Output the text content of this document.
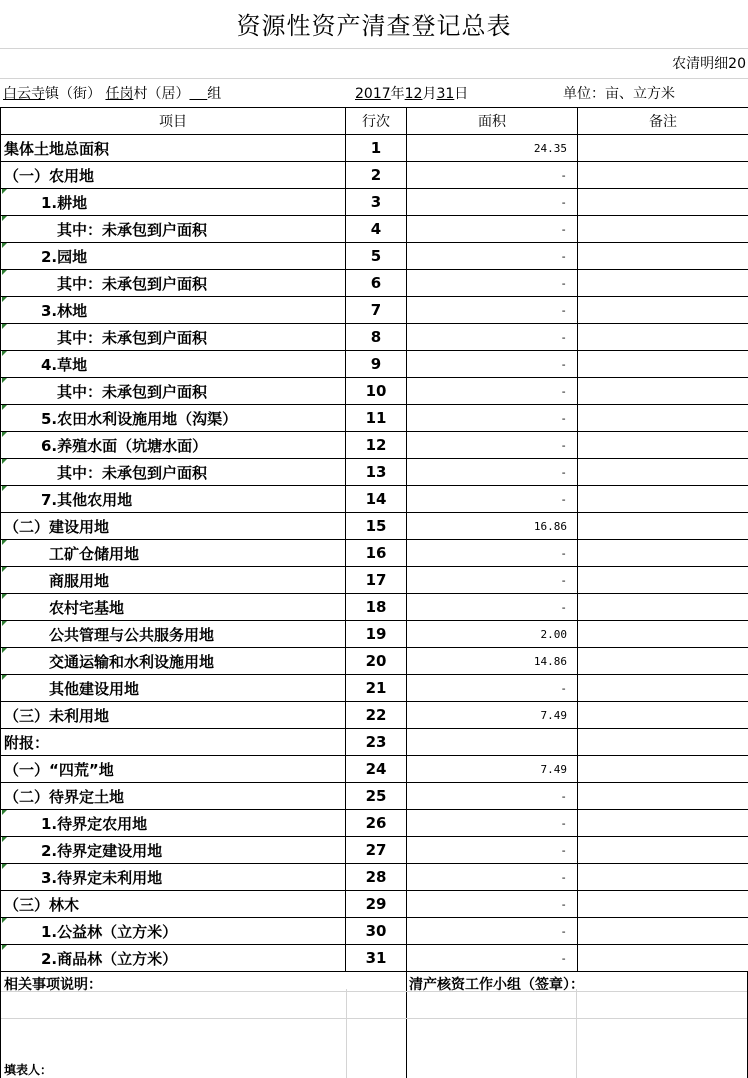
资源性资产清查登记总表
农清明细20
白云寺镇（街） 任岗村（居） 组	2017年12月31日	单位：亩、立方米
项目	行次	面积	备注
集体土地总面积	1	24.35	
（一）农用地	2	-	

1.耕地	3	-	

其中：未承包到户面积	4	-	

2.园地	5	-	

其中：未承包到户面积	6	-	

3.林地	7	-	

其中：未承包到户面积	8	-	

4.草地	9	-	

其中：未承包到户面积	10	-	

5.农田水利设施用地（沟渠）	11	-	

6.养殖水面（坑塘水面）	12	-	

其中：未承包到户面积	13	-	

7.其他农用地	14	-	
（二）建设用地	15	16.86	

工矿仓储用地	16	-	

商服用地	17	-	

农村宅基地	18	-	

公共管理与公共服务用地	19	2.00	

交通运输和水利设施用地	20	14.86	

其他建设用地	21	-	
（三）未利用地	22	7.49	
附报：	23		
（一）“四荒”地	24	7.49	
（二）待界定土地	25	-	

1.待界定农用地	26	-	

2.待界定建设用地	27	-	

3.待界定未利用地	28	-	
（三）林木	29	-	

1.公益林（立方米）	30	-	

2.商品林（立方米）	31	-	
相关事项说明：
填表人：
清产核资工作小组（签章）：
